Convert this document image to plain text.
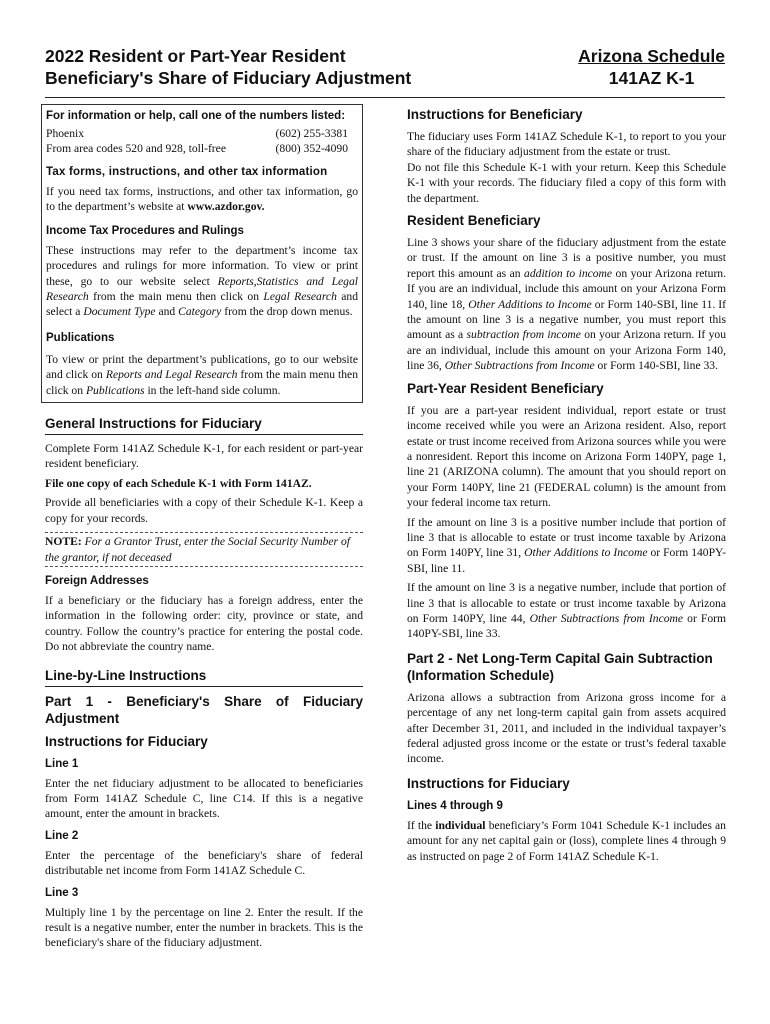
2022 Resident or Part-Year Resident
Beneficiary's Share of Fiduciary Adjustment
Arizona Schedule
141AZ K-1

For information or help, call one of the numbers listed:

Phoenix	(602) 255-3381
From area codes 520 and 928, toll-free	(800) 352-4090

Tax forms, instructions, and other tax information

If you need tax forms, instructions, and other tax information, go to the department’s website at www.azdor.gov.

Income Tax Procedures and Rulings

These instructions may refer to the department’s income tax procedures and rulings for more information. To view or print these, go to our website select Reports,Statistics and Legal Research from the main menu then click on Legal Research and select a Document Type and Category from the drop down menus.

Publications

To view or print the department’s publications, go to our website and click on Reports and Legal Research from the main menu then click on Publications in the left-hand side column.

General Instructions for Fiduciary

Complete Form 141AZ Schedule K-1, for each resident or part-year resident beneficiary.

File one copy of each Schedule K-1 with Form 141AZ.

Provide all beneficiaries with a copy of their Schedule K-1. Keep a copy for your records.

NOTE: For a Grantor Trust, enter the Social Security Number of the grantor, if not deceased

Foreign Addresses

If a beneficiary or the fiduciary has a foreign address, enter the information in the following order: city, province or state, and country. Follow the country’s practice for entering the postal code. Do not abbreviate the country name.

Line-by-Line Instructions

Part 1 - Beneficiary's Share of Fiduciary Adjustment

Instructions for Fiduciary

Line 1

Enter the net fiduciary adjustment to be allocated to beneficiaries from Form 141AZ Schedule C, line C14. If this is a negative amount, enter the amount in brackets.

Line 2

Enter the percentage of the beneficiary's share of federal distributable net income from Form 141AZ Schedule C.

Line 3

Multiply line 1 by the percentage on line 2. Enter the result. If the result is a negative number, enter the number in brackets. This is the beneficiary's share of the fiduciary adjustment.

Instructions for Beneficiary

The fiduciary uses Form 141AZ Schedule K-1, to report to you your share of the fiduciary adjustment from the estate or trust.

Do not file this Schedule K-1 with your return. Keep this Schedule K-1 with your records. The fiduciary filed a copy of this form with the department.

Resident Beneficiary

Line 3 shows your share of the fiduciary adjustment from the estate or trust. If the amount on line 3 is a positive number, you must report this amount as an addition to income on your Arizona return. If you are an individual, include this amount on your Arizona Form 140, line 18, Other Additions to Income or Form 140-SBI, line 11. If the amount on line 3 is a negative number, you must report this amount as a subtraction from income on your Arizona return. If you are an individual, include this amount on your Arizona Form 140, line 36, Other Subtractions from Income or Form 140-SBI, line 33.

Part-Year Resident Beneficiary

If you are a part-year resident individual, report estate or trust income received while you were an Arizona resident. Also, report estate or trust income received from Arizona sources while you were a nonresident. Report this income on Arizona Form 140PY, page 1, line 21 (ARIZONA column). The amount that you should report on your Form 140PY, line 21 (FEDERAL column) is the amount from your federal income tax return.

If the amount on line 3 is a positive number include that portion of line 3 that is allocable to estate or trust income taxable by Arizona on Form 140PY, line 31, Other Additions to Income or Form 140PY-SBI, line 11.

If the amount on line 3 is a negative number, include that portion of line 3 that is allocable to estate or trust income taxable by Arizona on Form 140PY, line 44, Other Subtractions from Income or Form 140PY-SBI, line 33.

Part 2 - Net Long-Term Capital Gain Subtraction (Information Schedule)

Arizona allows a subtraction from Arizona gross income for a percentage of any net long-term capital gain from assets acquired after December 31, 2011, and included in the individual taxpayer’s federal adjusted gross income or the estate or trust’s federal taxable income.

Instructions for Fiduciary

Lines 4 through 9

If the individual beneficiary’s Form 1041 Schedule K-1 includes an amount for any net capital gain or (loss), complete lines 4 through 9 as instructed on page 2 of Form 141AZ Schedule K-1.
